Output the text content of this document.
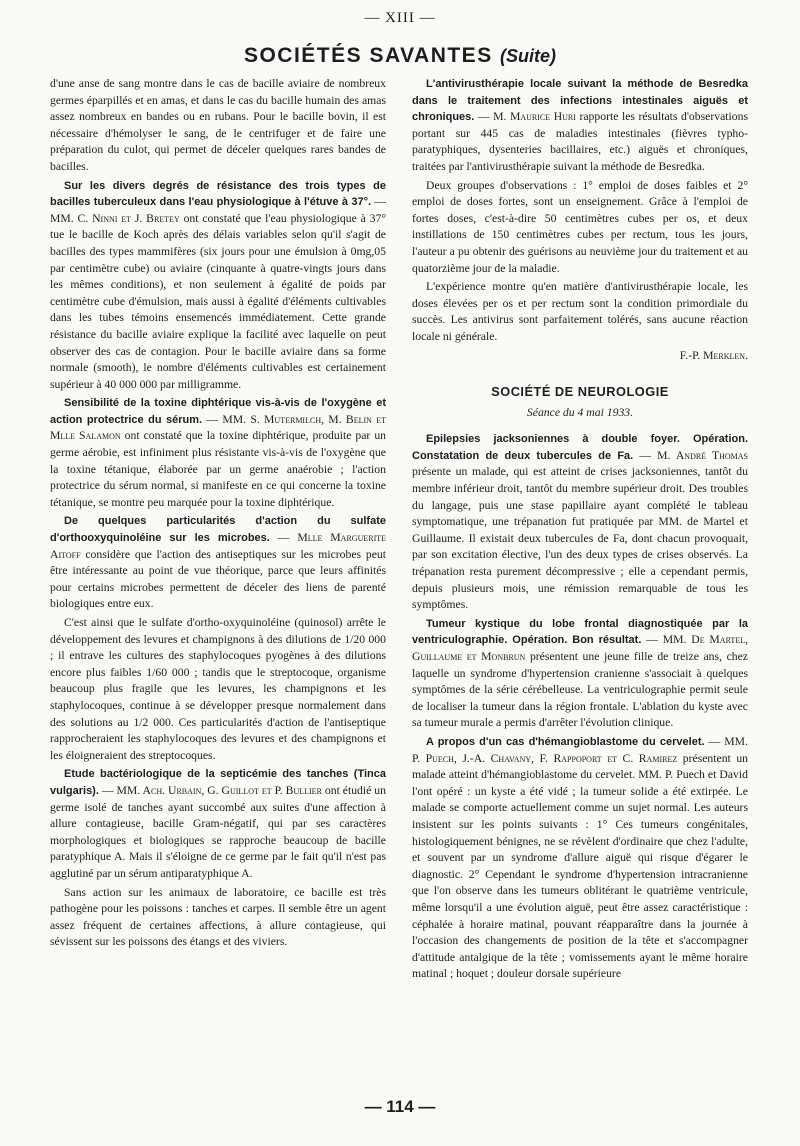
— XIII —
SOCIÉTÉS SAVANTES (Suite)

d'une anse de sang montre dans le cas de bacille aviaire de nombreux germes éparpillés et en amas, et dans le cas du bacille humain des amas assez nombreux en bandes ou en rubans. Pour le bacille bovin, il est nécessaire d'hémolyser le sang, de le centrifuger et de faire une préparation du culot, qui permet de déceler quelques rares bandes de bacilles.

Sur les divers degrés de résistance des trois types de bacilles tuberculeux dans l'eau physiologique à l'étuve à 37°. — MM. C. Ninni et J. Bretey ont constaté que l'eau physiologique à 37° tue le bacille de Koch après des délais variables selon qu'il s'agit de bacilles des types mammifères (six jours pour une émulsion à 0mg,05 par centimètre cube) ou aviaire (cinquante à quatre-vingts jours dans les mêmes conditions), et non seulement à égalité de poids par centimètre cube d'émulsion, mais aussi à égalité d'éléments cultivables dans les tubes témoins ensemencés immédiatement. Cette grande résistance du bacille aviaire explique la facilité avec laquelle on peut observer des cas de contagion. Pour le bacille aviaire dans sa forme normale (smooth), le nombre d'éléments cultivables est certainement supérieur à 40 000 000 par milligramme.

Sensibilité de la toxine diphtérique vis-à-vis de l'oxygène et action protectrice du sérum. — MM. S. Mutermilch, M. Belin et Mlle Salamon ont constaté que la toxine diphtérique, produite par un germe aérobie, est infiniment plus résistante vis-à-vis de l'oxygène que la toxine tétanique, élaborée par un germe anaérobie ; l'action protectrice du sérum normal, si manifeste en ce qui concerne la toxine tétanique, se montre peu marquée pour la toxine diphtérique.

De quelques particularités d'action du sulfate d'orthooxyquinoléine sur les microbes. — Mlle Marguerite Aitoff considère que l'action des antiseptiques sur les microbes peut être intéressante au point de vue théorique, parce que leurs affinités pour certains microbes permettent de déceler des liens de parenté biologiques entre eux.

C'est ainsi que le sulfate d'ortho-oxyquinoléine (quinosol) arrête le développement des levures et champignons à des dilutions de 1/20 000 ; il entrave les cultures des staphylocoques pyogènes à des dilutions encore plus faibles 1/60 000 ; tandis que le streptocoque, organisme beaucoup plus fragile que les levures, les champignons et les staphylocoques, continue à se développer presque normalement dans des solutions au 1/2 000. Ces particularités d'action de l'antiseptique rapprocheraient les staphylocoques des levures et des champignons et les éloigneraient des streptocoques.

Etude bactériologique de la septicémie des tanches (Tinca vulgaris). — MM. Ach. Urbain, G. Guillot et P. Bullier ont étudié un germe isolé de tanches ayant succombé aux suites d'une affection à allure contagieuse, bacille Gram-négatif, qui par ses caractères morphologiques et biologiques se rapproche beaucoup de bacille paratyphique A. Mais il s'éloigne de ce germe par le fait qu'il n'est pas agglutiné par un sérum antiparatyphique A.

Sans action sur les animaux de laboratoire, ce bacille est très pathogène pour les poissons : tanches et carpes. Il semble être un agent assez fréquent de certaines affections, à allure contagieuse, qui sévissent sur les poissons des étangs et des viviers.

L'antivirusthérapie locale suivant la méthode de Besredka dans le traitement des infections intestinales aiguës et chroniques. — M. Maurice Huri rapporte les résultats d'observations portant sur 445 cas de maladies intestinales (fièvres typho-paratyphiques, dysenteries bacillaires, etc.) aiguës et chroniques, traitées par l'antivirusthérapie suivant la méthode de Besredka.

Deux groupes d'observations : 1° emploi de doses faibles et 2° emploi de doses fortes, sont un enseignement. Grâce à l'emploi de fortes doses, c'est-à-dire 50 centimètres cubes per os, et deux instillations de 150 centimètres cubes per rectum, tous les jours, l'auteur a pu obtenir des guérisons au neuvième jour du traitement et au quatorzième jour de la maladie.

L'expérience montre qu'en matière d'antivirusthérapie locale, les doses élevées per os et per rectum sont la condition primordiale du succès. Les antivirus sont parfaitement tolérés, sans aucune réaction locale ni générale.

F.-P. Merklen.
SOCIÉTÉ DE NEUROLOGIE
Séance du 4 mai 1933.

Epilepsies jacksoniennes à double foyer. Opération. Constatation de deux tubercules de Fa. — M. André Thomas présente un malade, qui est atteint de crises jacksoniennes, tantôt du membre inférieur droit, tantôt du membre supérieur droit. Des troubles du langage, puis une stase papillaire ayant complété le tableau symptomatique, une trépanation fut pratiquée par MM. de Martel et Guillaume. Il existait deux tubercules de Fa, dont chacun provoquait, par son excitation élective, l'un des deux types de crises observés. La trépanation resta purement décompressive ; elle a cependant permis, depuis plusieurs mois, une rémission remarquable de tous les symptômes.

Tumeur kystique du lobe frontal diagnostiquée par la ventriculographie. Opération. Bon résultat. — MM. De Martel, Guillaume et Monbrun présentent une jeune fille de treize ans, chez laquelle un syndrome d'hypertension cranienne s'associait à quelques symptômes de la série cérébelleuse. La ventriculographie permit seule de localiser la tumeur dans la région frontale. L'ablation du kyste avec sa tumeur murale a permis d'arrêter l'évolution clinique.

A propos d'un cas d'hémangioblastome du cervelet. — MM. P. Puech, J.-A. Chavany, F. Rappoport et C. Ramirez présentent un malade atteint d'hémangioblastome du cervelet. MM. P. Puech et David l'ont opéré : un kyste a été vidé ; la tumeur solide a été extirpée. Le malade se comporte actuellement comme un sujet normal. Les auteurs insistent sur les points suivants : 1° Ces tumeurs congénitales, histologiquement bénignes, ne se révèlent d'ordinaire que chez l'adulte, et souvent par un syndrome d'allure aiguë qui risque d'égarer le diagnostic. 2° Cependant le syndrome d'hypertension intracranienne que l'on observe dans les tumeurs oblitérant le quatrième ventricule, même lorsqu'il a une évolution aiguë, peut être assez caractéristique : céphalée à horaire matinal, pouvant réapparaître dans la journée à l'occasion des changements de position de la tête et s'accompagner d'attitude antalgique de la tête ; vomissements ayant le même horaire matinal ; hoquet ; douleur dorsale supérieure

— 114 —
